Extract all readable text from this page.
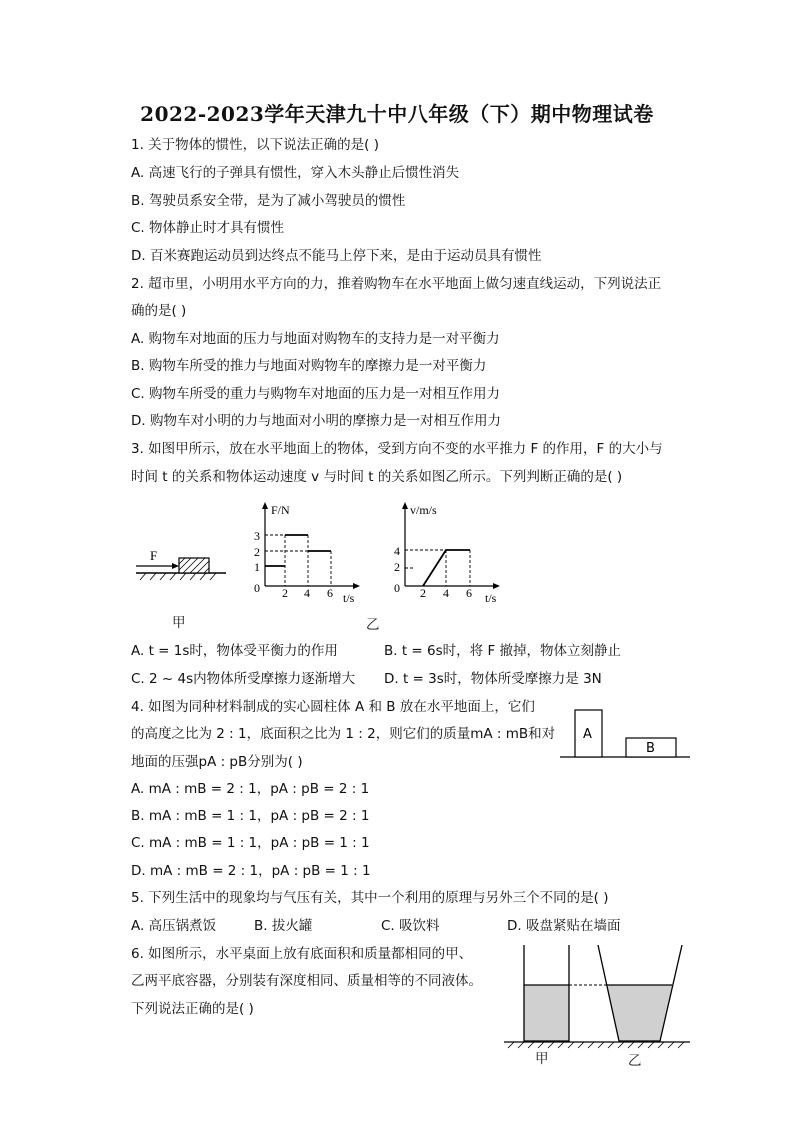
2022-2023学年天津九十中八年级（下）期中物理试卷
1. 关于物体的惯性，以下说法正确的是( )
A. 高速飞行的子弹具有惯性，穿入木头静止后惯性消失
B. 驾驶员系安全带，是为了减小驾驶员的惯性
C. 物体静止时才具有惯性
D. 百米赛跑运动员到达终点不能马上停下来，是由于运动员具有惯性
2. 超市里，小明用水平方向的力，推着购物车在水平地面上做匀速直线运动，下列说法正
确的是( )
A. 购物车对地面的压力与地面对购物车的支持力是一对平衡力
B. 购物车所受的推力与地面对购物车的摩擦力是一对平衡力
C. 购物车所受的重力与购物车对地面的压力是一对相互作用力
D. 购物车对小明的力与地面对小明的摩擦力是一对相互作用力
3. 如图甲所示，放在水平地面上的物体，受到方向不变的水平推力 F 的作用，F 的大小与
时间 t 的关系和物体运动速度 v 与时间 t 的关系如图乙所示。下列判断正确的是( )
F
甲
F/N
t/s
3
2
1
0 2 4 6
v/m/s
t/s
4
2
0 2 4 6
乙
A. t = 1s时，物体受平衡力的作用	B. t = 6s时，将 F 撤掉，物体立刻静止
C. 2 ~ 4s内物体所受摩擦力逐渐增大 D. t = 3s时，物体所受摩擦力是 3N
4. 如图为同种材料制成的实心圆柱体 A 和 B 放在水平地面上，它们
的高度之比为 2 : 1，底面积之比为 1 : 2，则它们的质量mA : mB和对
地面的压强pA : pB分别为( )
A
B
A. mA : mB = 2 : 1，pA : pB = 2 : 1
B. mA : mB = 1 : 1，pA : pB = 2 : 1
C. mA : mB = 1 : 1，pA : pB = 1 : 1
D. mA : mB = 2 : 1，pA : pB = 1 : 1
5. 下列生活中的现象均与气压有关，其中一个利用的原理与另外三个不同的是( )
A. 高压锅煮饭	B. 拔火罐	C. 吸饮料	D. 吸盘紧贴在墙面
6. 如图所示，水平桌面上放有底面积和质量都相同的甲、
乙两平底容器，分别装有深度相同、质量相等的不同液体。
下列说法正确的是( )
甲	乙
